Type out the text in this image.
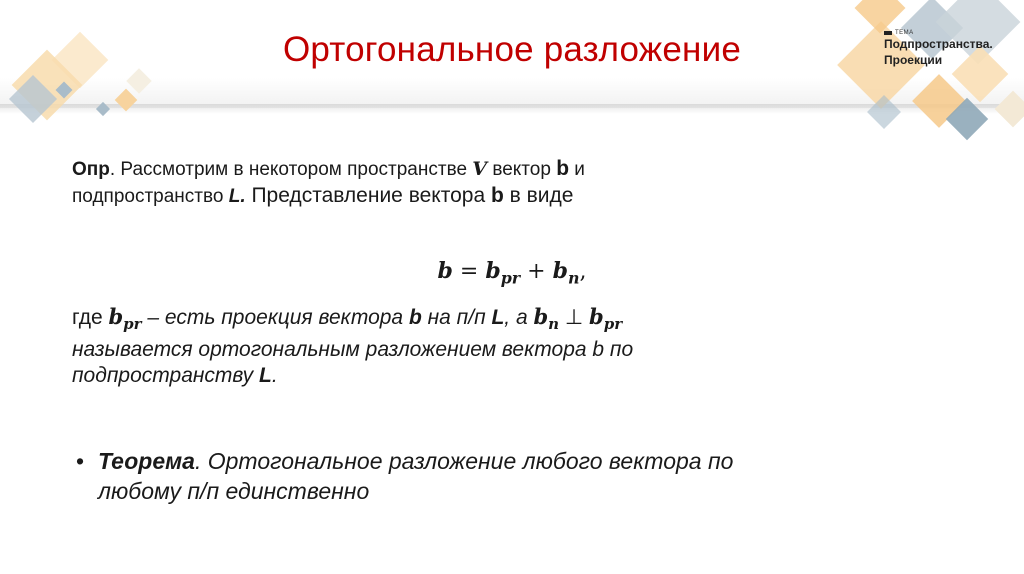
Ортогональное разложение	ТЕМА
Подпространства.
Проекции
Опр. Рассмотрим в некотором пространстве V вектор b и
подпространство L. Представление вектора b в виде
$b = b_{pr} + b_n$,
где $b_{pr}$ – есть проекция вектора b на п/п L, а $b_n$ ⊥ $b_{pr}$
называется ортогональным разложением вектора b по
подпространству L.
• Теорема. Ортогональное разложение любого вектора по
любому п/п единственно
